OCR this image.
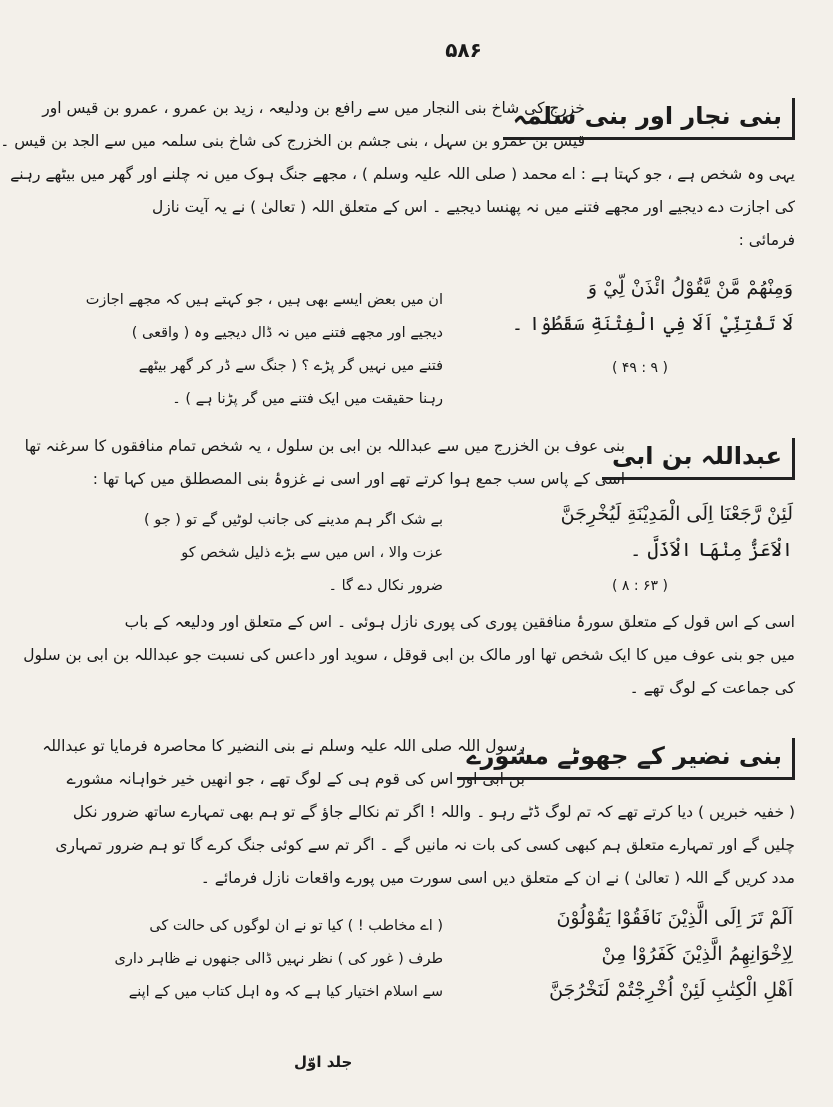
۵۸۶
بنی نجار اور بنی سلمہ
خزرج کی شاخ بنی النجار میں سے رافع بن ودلیعہ ، زید بن عمرو ، عمرو بن قیس اور
قیس بن عمرو بن سہل ، بنی جشم بن الخزرج کی شاخ بنی سلمہ میں سے الجد بن قیس ۔
یہی وہ شخص ہے ، جو کہتا ہے : اے محمد ( صلی اللہ علیہ وسلم ) ، مجھے جنگ ہوک میں نہ چلنے اور گھر میں بیٹھے رہنے
کی اجازت دے دیجیے اور مجھے فتنے میں نہ پھنسا دیجیے ۔ اس کے متعلق اللہ ( تعالیٰ ) نے یہ آیت نازل
فرمائی :
وَمِنْهُمْ مَّنْ يَّقُوْلُ ائْذَنْ لِّيْ وَ
لَا تَفْتِنِّيْ اَلَا فِي الْفِتْنَةِ سَقَطُوْا ۔
ان میں بعض ایسے بھی ہیں ، جو کہتے ہیں کہ مجھے اجازت
دیجیے اور مجھے فتنے میں نہ ڈال دیجیے وہ ( واقعی )
فتنے میں نہیں گر پڑے ؟ ( جنگ سے ڈر کر گھر بیٹھے
رہنا حقیقت میں ایک فتنے میں گر پڑنا ہے ) ۔
( ۹ : ۴۹ )
عبداللہ بن ابی
بنی عوف بن الخزرج میں سے عبداللہ بن ابی بن سلول ، یہ شخص تمام منافقوں کا سرغنہ تھا
اسی کے پاس سب جمع ہوا کرتے تھے اور اسی نے غزوۂ بنی المصطلق میں کہا تھا :
لَئِنْ رَّجَعْنَا اِلَى الْمَدِيْنَةِ لَيُخْرِجَنَّ
الْاَعَزُّ مِنْهَا الْاَذَلَّ ۔
بے شک اگر ہم مدینے کی جانب لوٹیں گے تو ( جو )
عزت والا ، اس میں سے بڑے ذلیل شخص کو
ضرور نکال دے گا ۔	( ۶۳ : ۸ )
اسی کے اس قول کے متعلق سورۂ منافقین پوری کی پوری نازل ہوئی ۔ اس کے متعلق اور ودلیعہ کے باب
میں جو بنی عوف میں کا ایک شخص تھا اور مالک بن ابی قوقل ، سوید اور داعس کی نسبت جو عبداللہ بن ابی بن سلول
کی جماعت کے لوگ تھے ۔
بنی نضیر کے جھوٹے مشورے
رسول اللہ صلی اللہ علیہ وسلم نے بنی النضیر کا محاصرہ فرمایا تو عبداللہ
بن ابی اور اس کی قوم ہی کے لوگ تھے ، جو انھیں خیر خواہانہ مشورے
( خفیہ خبریں ) دیا کرتے تھے کہ تم لوگ ڈٹے رہو ۔ واللہ ! اگر تم نکالے جاؤ گے تو ہم بھی تمہارے ساتھ ضرور نکل
چلیں گے اور تمہارے متعلق ہم کبھی کسی کی بات نہ مانیں گے ۔ اگر تم سے کوئی جنگ کرے گا تو ہم ضرور تمہاری
مدد کریں گے اللہ ( تعالیٰ ) نے ان کے متعلق دیں اسی سورت میں پورے واقعات نازل فرمائے ۔
اَلَمْ تَرَ اِلَى الَّذِيْنَ نَافَقُوْا يَقُوْلُوْنَ
لِاِخْوَانِهِمُ الَّذِيْنَ كَفَرُوْا مِنْ
اَهْلِ الْكِتٰبِ لَئِنْ اُخْرِجْتُمْ لَنَخْرُجَنَّ
( اے مخاطب ! ) کیا تو نے ان لوگوں کی حالت کی
طرف ( غور کی ) نظر نہیں ڈالی جنھوں نے ظاہر داری
سے اسلام اختیار کیا ہے کہ وہ اہل کتاب میں کے اپنے
جلد اوّل
